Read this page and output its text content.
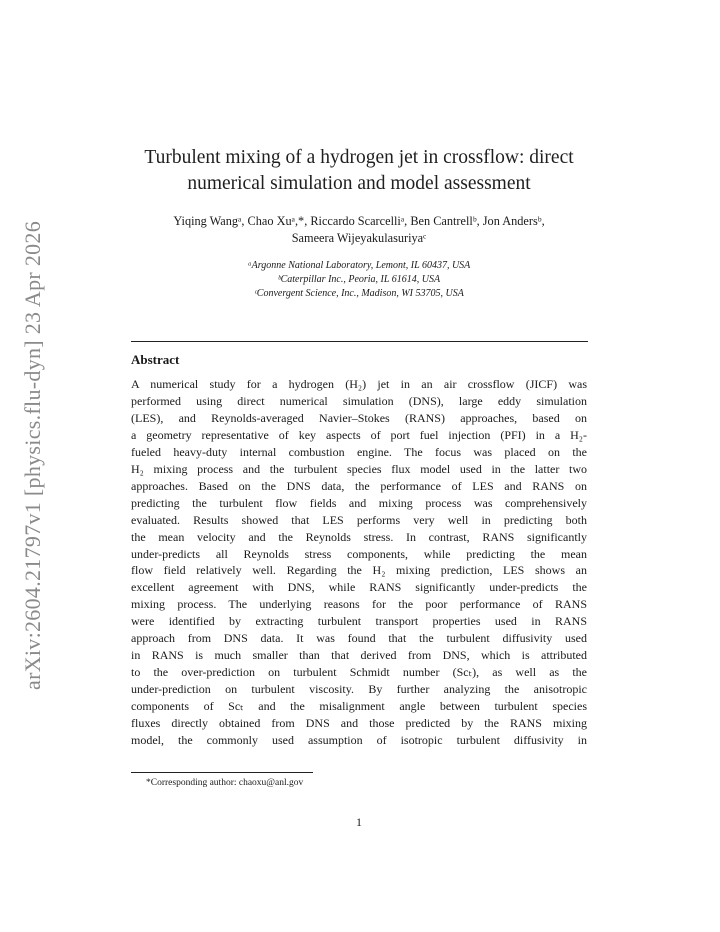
arXiv:2604.21797v1 [physics.flu-dyn] 23 Apr 2026
Turbulent mixing of a hydrogen jet in crossflow: direct
numerical simulation and model assessment
Yiqing Wangᵃ, Chao Xuᵃ,*, Riccardo Scarcelliᵃ, Ben Cantrellᵇ, Jon Andersᵇ,
Sameera Wijeyakulasuriyaᶜ
ᵃArgonne National Laboratory, Lemont, IL 60437, USA
ᵇCaterpillar Inc., Peoria, IL 61614, USA
ᶜConvergent Science, Inc., Madison, WI 53705, USA
Abstract
A numerical study for a hydrogen (H₂) jet in an air crossflow (JICF) was
performed using direct numerical simulation (DNS), large eddy simulation
(LES), and Reynolds-averaged Navier–Stokes (RANS) approaches, based on
a geometry representative of key aspects of port fuel injection (PFI) in a H₂-
fueled heavy-duty internal combustion engine. The focus was placed on the
H₂ mixing process and the turbulent species flux model used in the latter two
approaches. Based on the DNS data, the performance of LES and RANS on
predicting the turbulent flow fields and mixing process was comprehensively
evaluated. Results showed that LES performs very well in predicting both
the mean velocity and the Reynolds stress. In contrast, RANS significantly
under-predicts all Reynolds stress components, while predicting the mean
flow field relatively well. Regarding the H₂ mixing prediction, LES shows an
excellent agreement with DNS, while RANS significantly under-predicts the
mixing process. The underlying reasons for the poor performance of RANS
were identified by extracting turbulent transport properties used in RANS
approach from DNS data. It was found that the turbulent diffusivity used
in RANS is much smaller than that derived from DNS, which is attributed
to the over-prediction on turbulent Schmidt number (Scₜ), as well as the
under-prediction on turbulent viscosity. By further analyzing the anisotropic
components of Scₜ and the misalignment angle between turbulent species
fluxes directly obtained from DNS and those predicted by the RANS mixing
model, the commonly used assumption of isotropic turbulent diffusivity in
*Corresponding author: chaoxu@anl.gov
1
